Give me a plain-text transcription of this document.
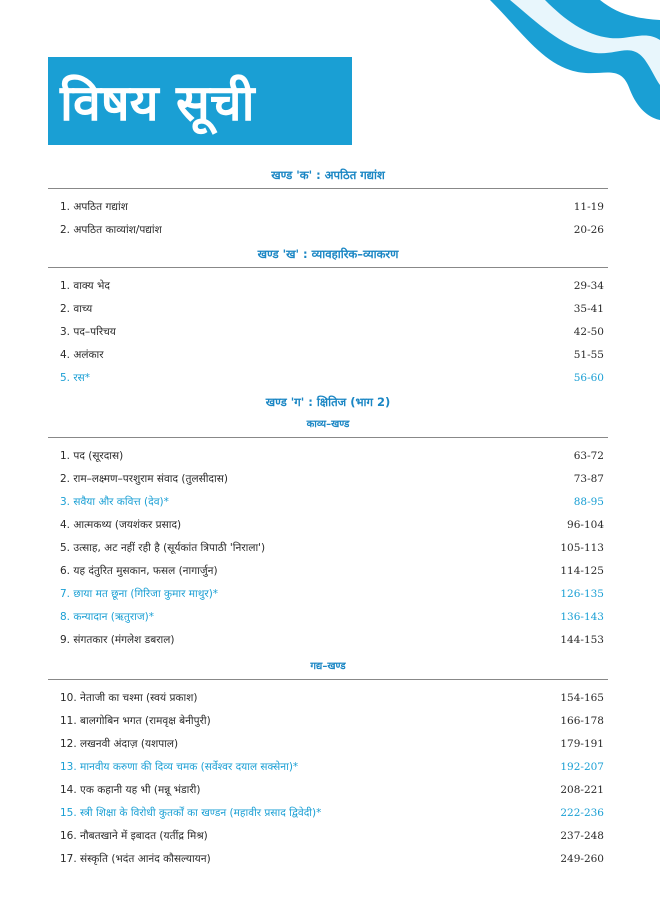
विषय सूची
खण्ड 'क' : अपठित गद्यांश
1. अपठित गद्यांश	11-19
2. अपठित काव्यांश/पद्यांश	20-26
खण्ड 'ख' : व्यावहारिक–व्याकरण
1. वाक्य भेद	29-34
2. वाच्य	35-41
3. पद–परिचय	42-50
4. अलंकार	51-55
5. रस*	56-60
खण्ड 'ग' : क्षितिज (भाग 2)
काव्य–खण्ड
1. पद (सूरदास)	63-72
2. राम–लक्ष्मण–परशुराम संवाद (तुलसीदास)	73-87
3. सवैया और कवित्त (देव)*	88-95
4. आत्मकथ्य (जयशंकर प्रसाद)	96-104
5. उत्साह, अट नहीं रही है (सूर्यकांत त्रिपाठी 'निराला')	105-113
6. यह दंतुरित मुसकान, फसल (नागार्जुन)	114-125
7. छाया मत छूना (गिरिजा कुमार माथुर)*	126-135
8. कन्यादान (ऋतुराज)*	136-143
9. संगतकार (मंगलेश डबराल)	144-153
गद्य–खण्ड
10. नेताजी का चश्मा (स्वयं प्रकाश)	154-165
11. बालगोबिन भगत (रामवृक्ष बेनीपुरी)	166-178
12. लखनवी अंदाज़ (यशपाल)	179-191
13. मानवीय करुणा की दिव्य चमक (सर्वेश्वर दयाल सक्सेना)*	192-207
14. एक कहानी यह भी (मन्नू भंडारी)	208-221
15. स्त्री शिक्षा के विरोधी कुतर्कों का खण्डन (महावीर प्रसाद द्विवेदी)*	222-236
16. नौबतखाने में इबादत (यतींद्र मिश्र)	237-248
17. संस्कृति (भदंत आनंद कौसल्यायन)	249-260
